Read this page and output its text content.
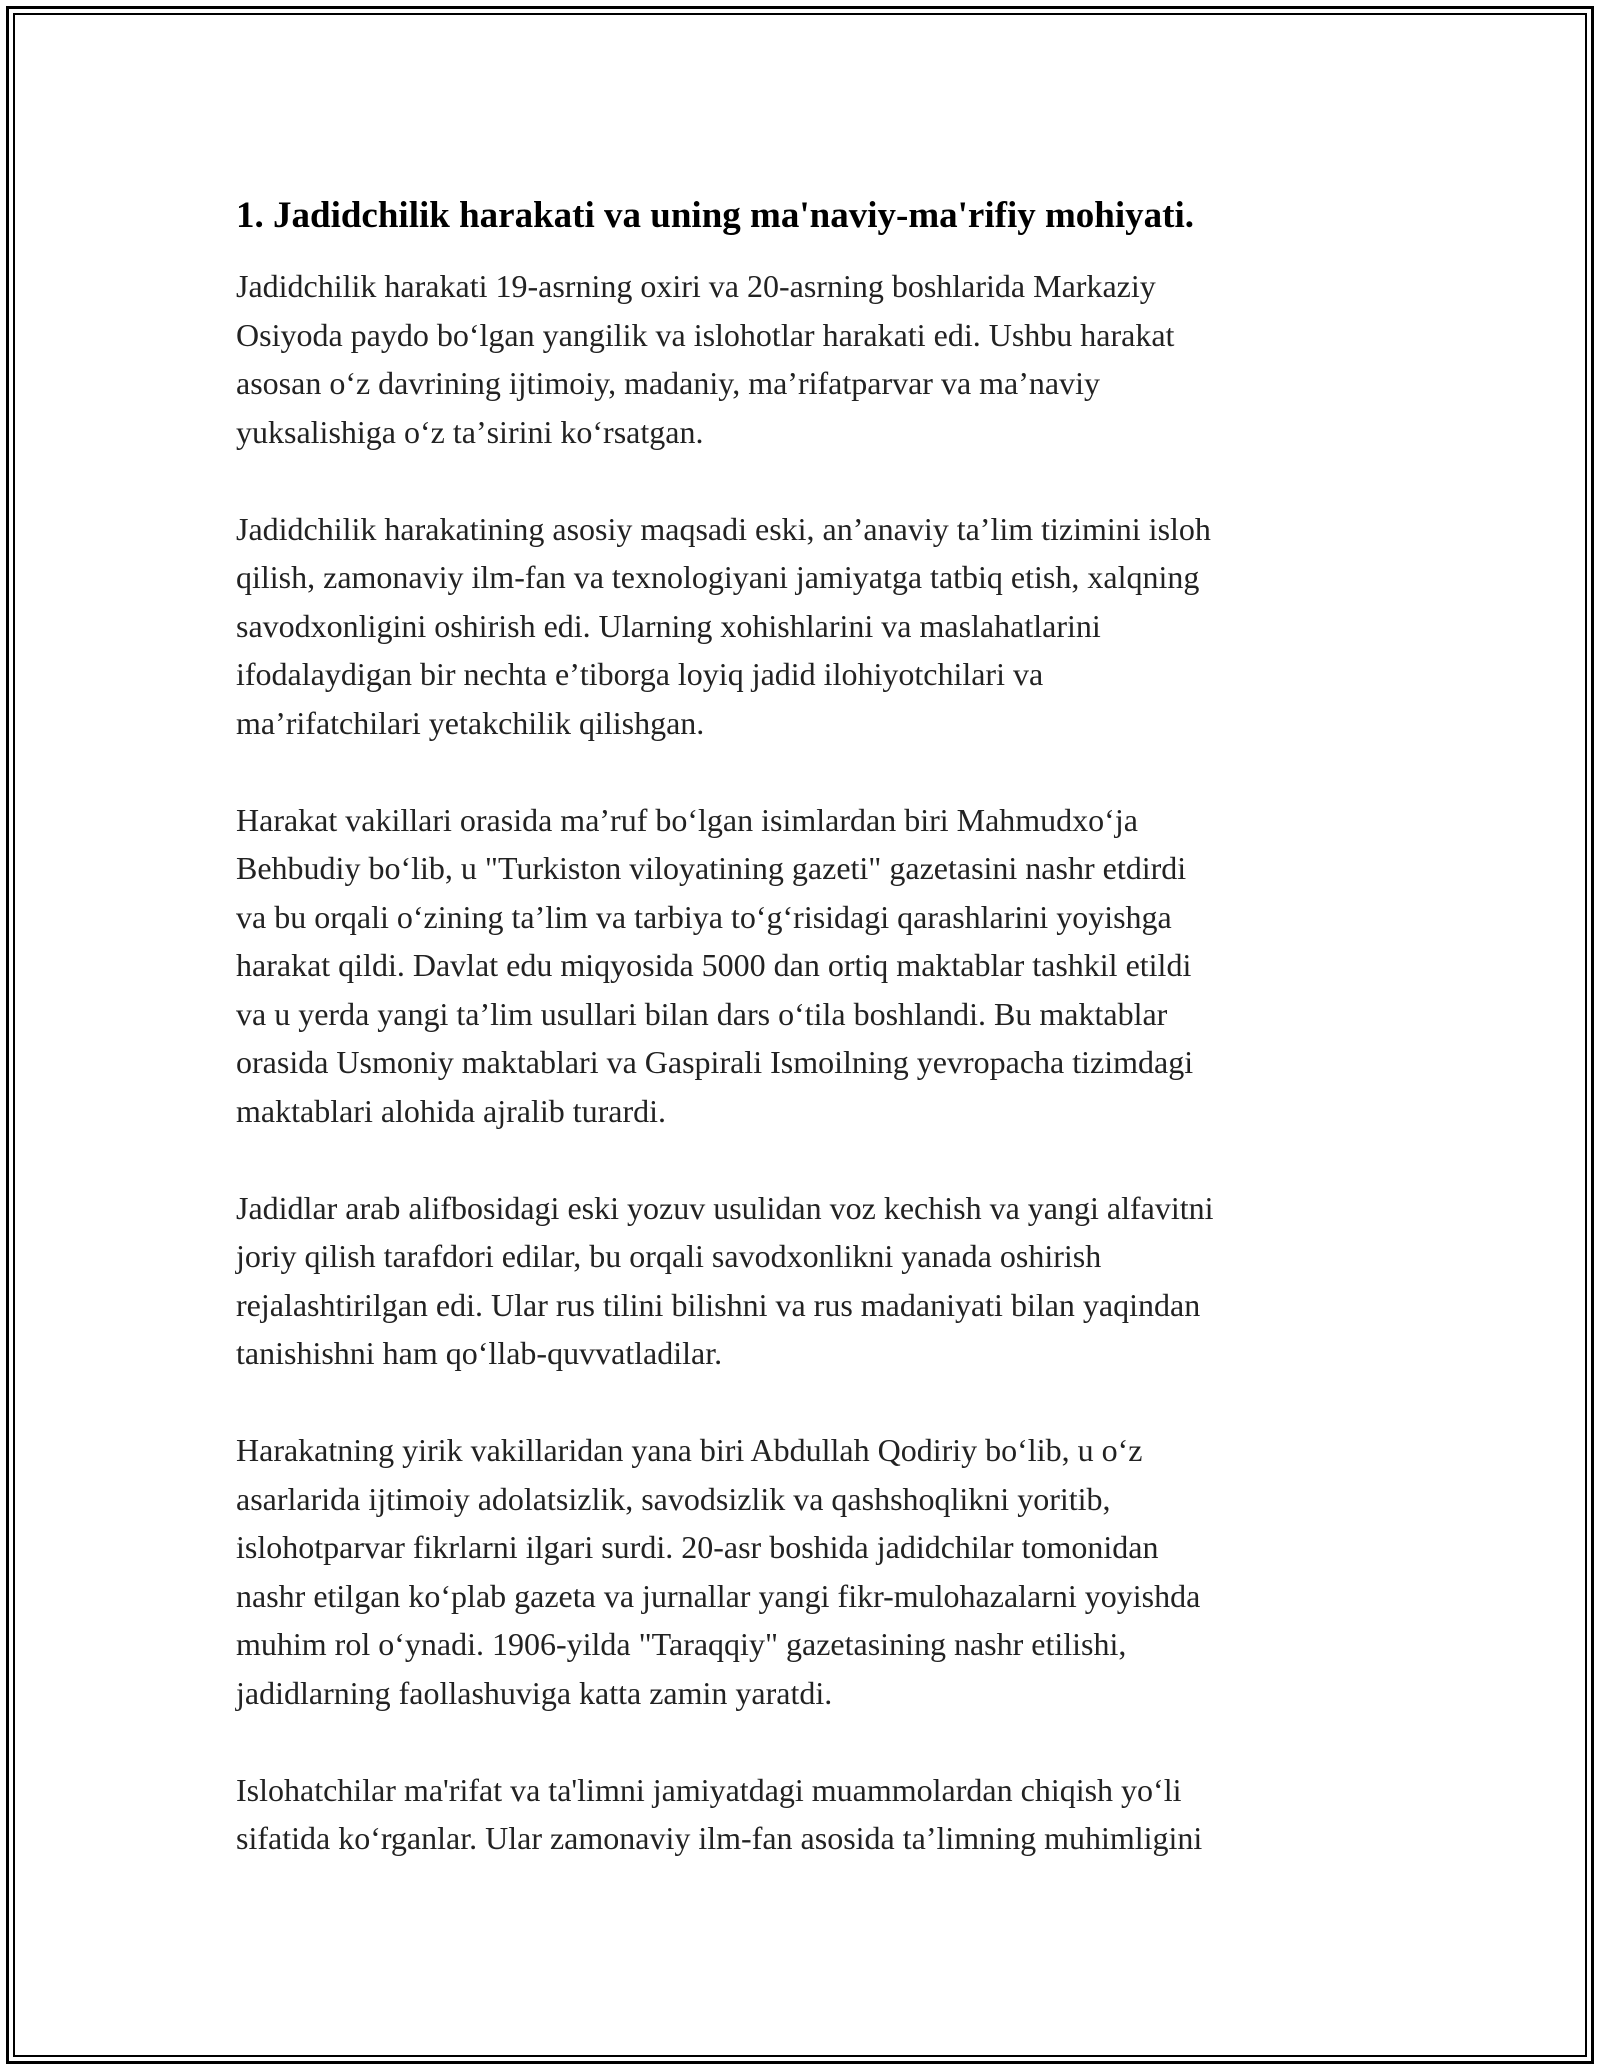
1. Jadidchilik harakati va uning ma'naviy-ma'rifiy mohiyati.

Jadidchilik harakati 19-asrning oxiri va 20-asrning boshlarida Markaziy
Osiyoda paydo boʻlgan yangilik va islohotlar harakati edi. Ushbu harakat
asosan oʻz davrining ijtimoiy, madaniy, maʼrifatparvar va maʼnaviy
yuksalishiga oʻz taʼsirini koʻrsatgan.

Jadidchilik harakatining asosiy maqsadi eski, anʼanaviy taʼlim tizimini isloh
qilish, zamonaviy ilm-fan va texnologiyani jamiyatga tatbiq etish, xalqning
savodxonligini oshirish edi. Ularning xohishlarini va maslahatlarini
ifodalaydigan bir nechta eʼtiborga loyiq jadid ilohiyotchilari va
maʼrifatchilari yetakchilik qilishgan.

Harakat vakillari orasida maʼruf boʻlgan isimlardan biri Mahmudxoʻja
Behbudiy boʻlib, u "Turkiston viloyatining gazeti" gazetasini nashr etdirdi
va bu orqali oʻzining taʼlim va tarbiya toʻgʻrisidagi qarashlarini yoyishga
harakat qildi. Davlat edu miqyosida 5000 dan ortiq maktablar tashkil etildi
va u yerda yangi taʼlim usullari bilan dars oʻtila boshlandi. Bu maktablar
orasida Usmoniy maktablari va Gaspirali Ismoilning yevropacha tizimdagi
maktablari alohida ajralib turardi.

Jadidlar arab alifbosidagi eski yozuv usulidan voz kechish va yangi alfavitni
joriy qilish tarafdori edilar, bu orqali savodxonlikni yanada oshirish
rejalashtirilgan edi. Ular rus tilini bilishni va rus madaniyati bilan yaqindan
tanishishni ham qoʻllab-quvvatladilar.

Harakatning yirik vakillaridan yana biri Abdullah Qodiriy boʻlib, u oʻz
asarlarida ijtimoiy adolatsizlik, savodsizlik va qashshoqlikni yoritib,
islohotparvar fikrlarni ilgari surdi. 20-asr boshida jadidchilar tomonidan
nashr etilgan koʻplab gazeta va jurnallar yangi fikr-mulohazalarni yoyishda
muhim rol oʻynadi. 1906-yilda "Taraqqiy" gazetasining nashr etilishi,
jadidlarning faollashuviga katta zamin yaratdi.

Islohatchilar ma'rifat va ta'limni jamiyatdagi muammolardan chiqish yoʻli
sifatida koʻrganlar. Ular zamonaviy ilm-fan asosida taʼlimning muhimligini
